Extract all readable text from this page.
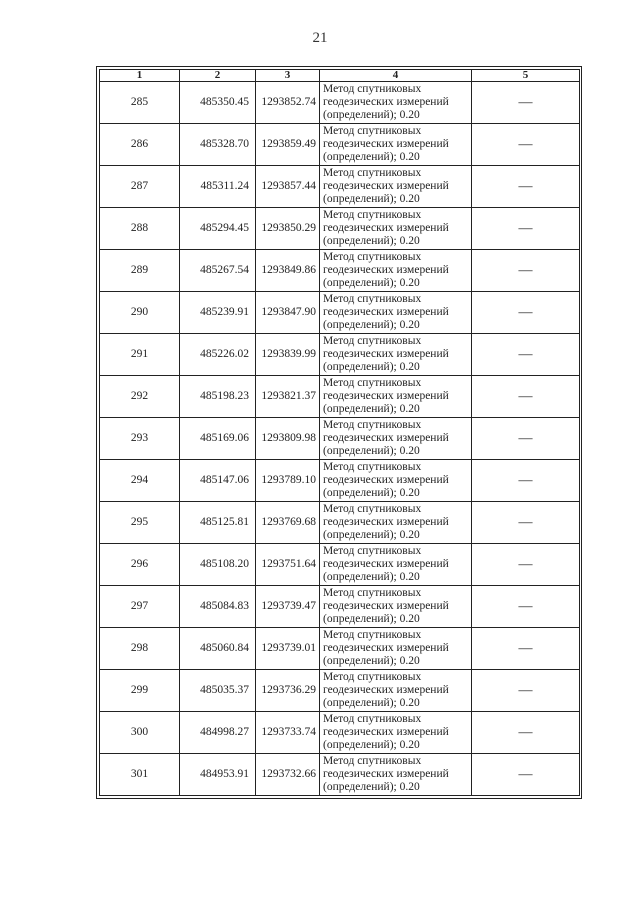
21
1	2	3	4	5
285	485350.45	1293852.74	Метод спутниковых
геодезических измерений
(определений); 0.20	—
286	485328.70	1293859.49	Метод спутниковых
геодезических измерений
(определений); 0.20	—
287	485311.24	1293857.44	Метод спутниковых
геодезических измерений
(определений); 0.20	—
288	485294.45	1293850.29	Метод спутниковых
геодезических измерений
(определений); 0.20	—
289	485267.54	1293849.86	Метод спутниковых
геодезических измерений
(определений); 0.20	—
290	485239.91	1293847.90	Метод спутниковых
геодезических измерений
(определений); 0.20	—
291	485226.02	1293839.99	Метод спутниковых
геодезических измерений
(определений); 0.20	—
292	485198.23	1293821.37	Метод спутниковых
геодезических измерений
(определений); 0.20	—
293	485169.06	1293809.98	Метод спутниковых
геодезических измерений
(определений); 0.20	—
294	485147.06	1293789.10	Метод спутниковых
геодезических измерений
(определений); 0.20	—
295	485125.81	1293769.68	Метод спутниковых
геодезических измерений
(определений); 0.20	—
296	485108.20	1293751.64	Метод спутниковых
геодезических измерений
(определений); 0.20	—
297	485084.83	1293739.47	Метод спутниковых
геодезических измерений
(определений); 0.20	—
298	485060.84	1293739.01	Метод спутниковых
геодезических измерений
(определений); 0.20	—
299	485035.37	1293736.29	Метод спутниковых
геодезических измерений
(определений); 0.20	—
300	484998.27	1293733.74	Метод спутниковых
геодезических измерений
(определений); 0.20	—
301	484953.91	1293732.66	Метод спутниковых
геодезических измерений
(определений); 0.20	—
